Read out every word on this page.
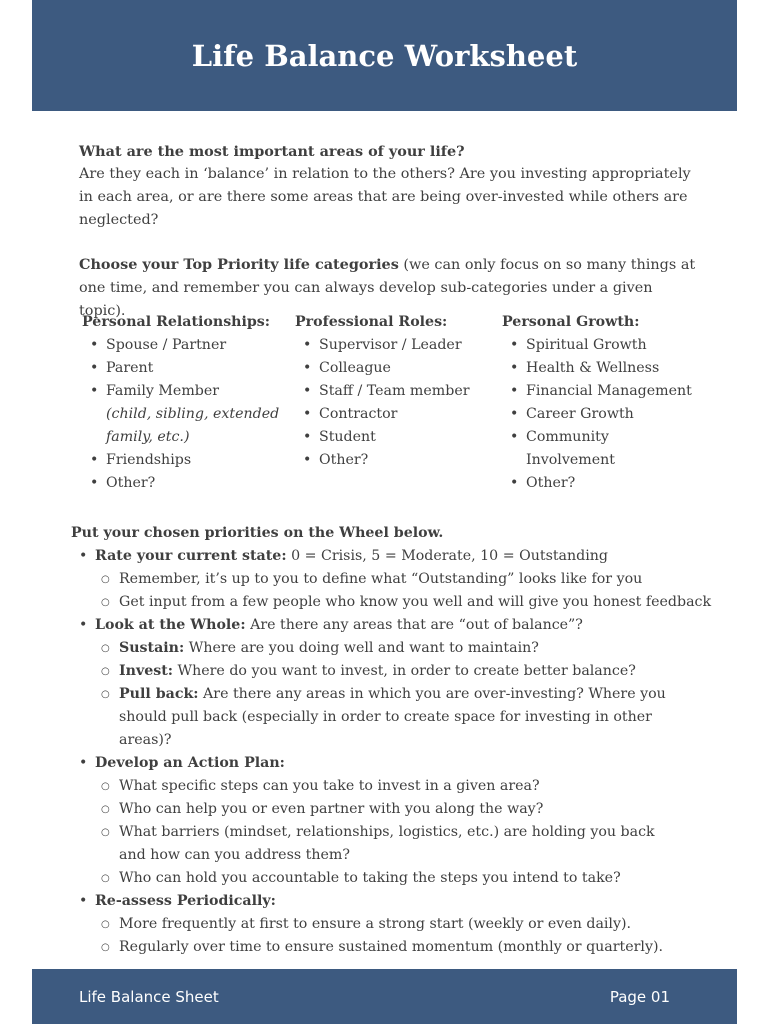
Life Balance Worksheet

What are the most important areas of your life?

Are they each in ‘balance’ in relation to the others? Are you investing appropriately in each area, or are there some areas that are being over-invested while others are neglected?

Choose your Top Priority life categories (we can only focus on so many things at one time, and remember you can always develop sub-categories under a given topic).

Personal Relationships:
• Spouse / Partner
• Parent
• Family Member
(child, sibling, extended family, etc.)
• Friendships
• Other?
Professional Roles:
• Supervisor / Leader
• Colleague
• Staff / Team member
• Contractor
• Student
• Other?
Personal Growth:
• Spiritual Growth
• Health & Wellness
• Financial Management
• Career Growth
• Community Involvement
• Other?
Put your chosen priorities on the Wheel below.
• Rate your current state: 0 = Crisis, 5 = Moderate, 10 = Outstanding
○ Remember, it’s up to you to define what “Outstanding” looks like for you
○ Get input from a few people who know you well and will give you honest feedback
• Look at the Whole: Are there any areas that are “out of balance”?
○ Sustain: Where are you doing well and want to maintain?
○ Invest: Where do you want to invest, in order to create better balance?
○ Pull back: Are there any areas in which you are over-investing? Where you should pull back (especially in order to create space for investing in other areas)?
• Develop an Action Plan:
○ What specific steps can you take to invest in a given area?
○ Who can help you or even partner with you along the way?
○ What barriers (mindset, relationships, logistics, etc.) are holding you back and how can you address them?
○ Who can hold you accountable to taking the steps you intend to take?
• Re-assess Periodically:
○ More frequently at first to ensure a strong start (weekly or even daily).
○ Regularly over time to ensure sustained momentum (monthly or quarterly).
Life Balance Sheet	Page 01
